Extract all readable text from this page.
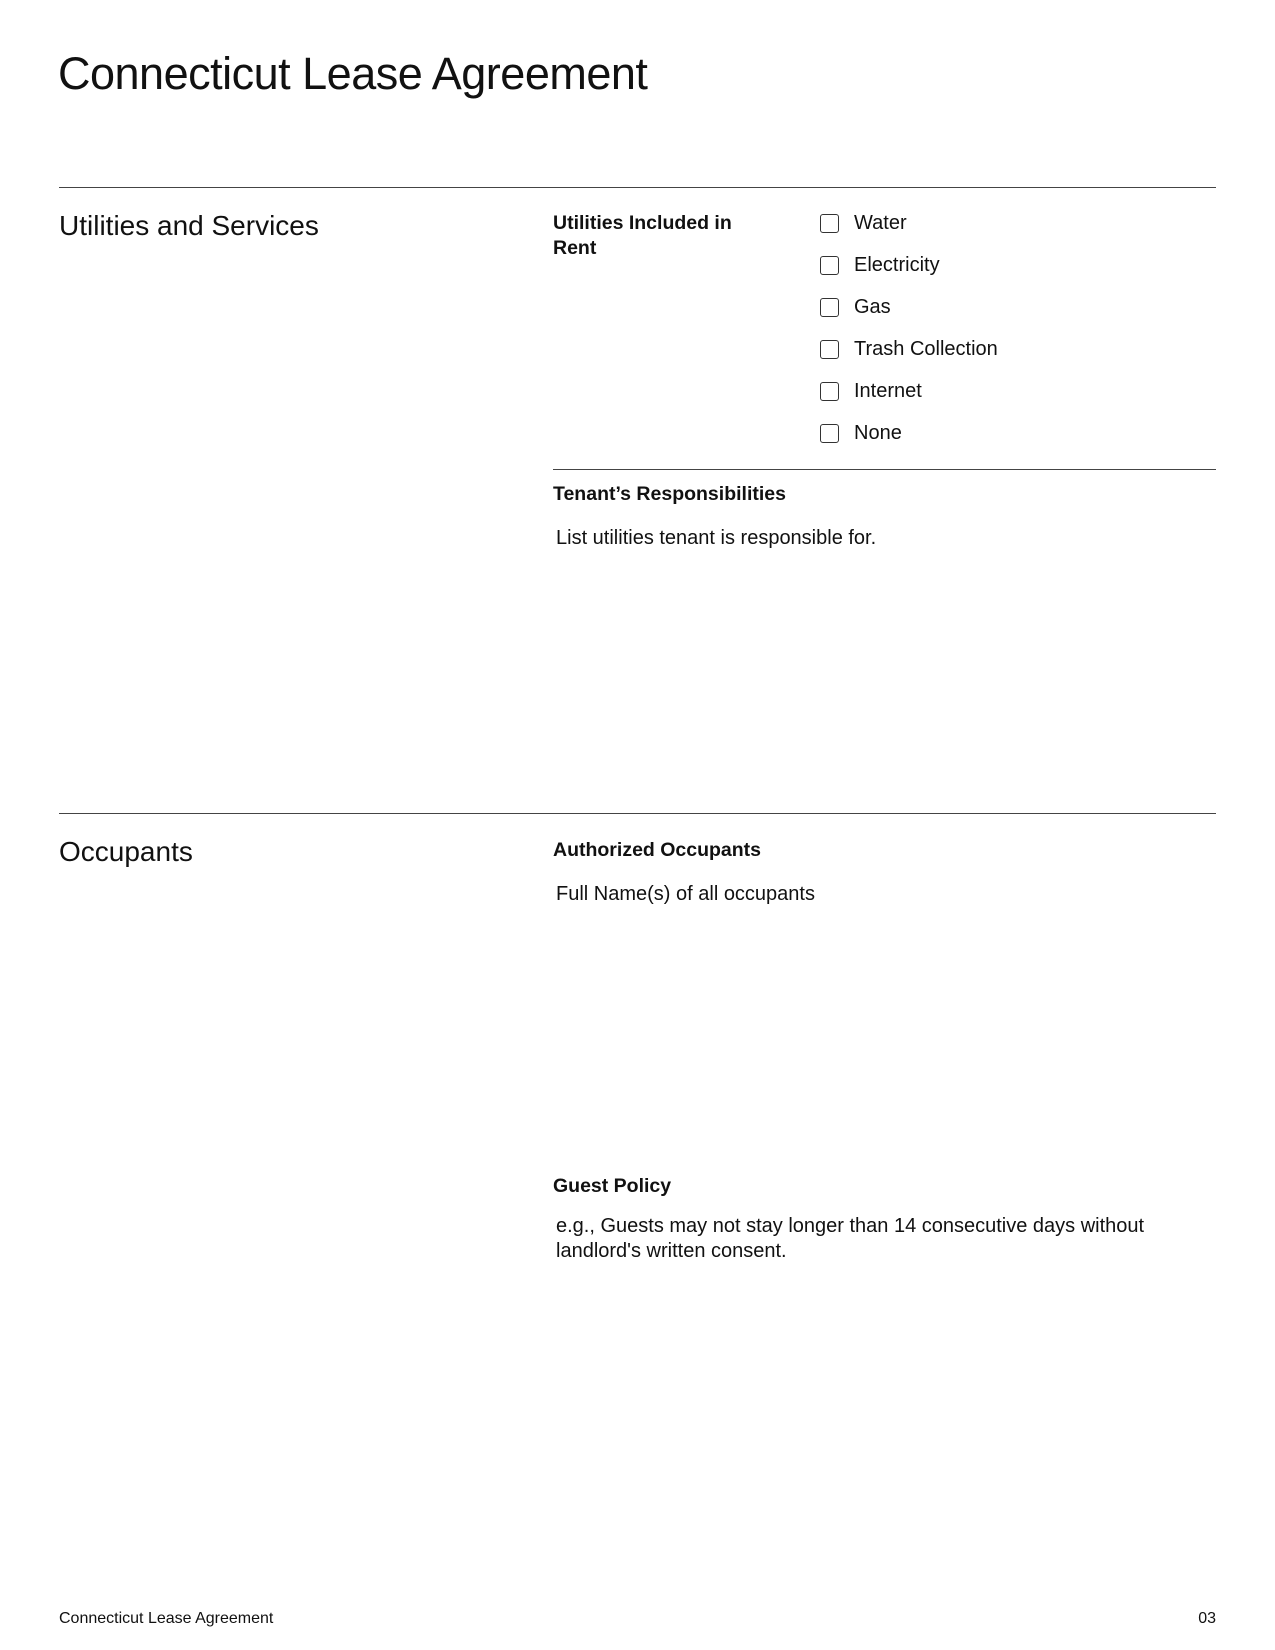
Connecticut Lease Agreement
Utilities and Services	Utilities Included in Rent
Water
Electricity
Gas
Trash Collection
Internet
None
Tenant’s Responsibilities
List utilities tenant is responsible for.
Occupants	Authorized Occupants
Full Name(s) of all occupants
Guest Policy
e.g., Guests may not stay longer than 14 consecutive days without landlord's written consent.
Connecticut Lease Agreement	03
